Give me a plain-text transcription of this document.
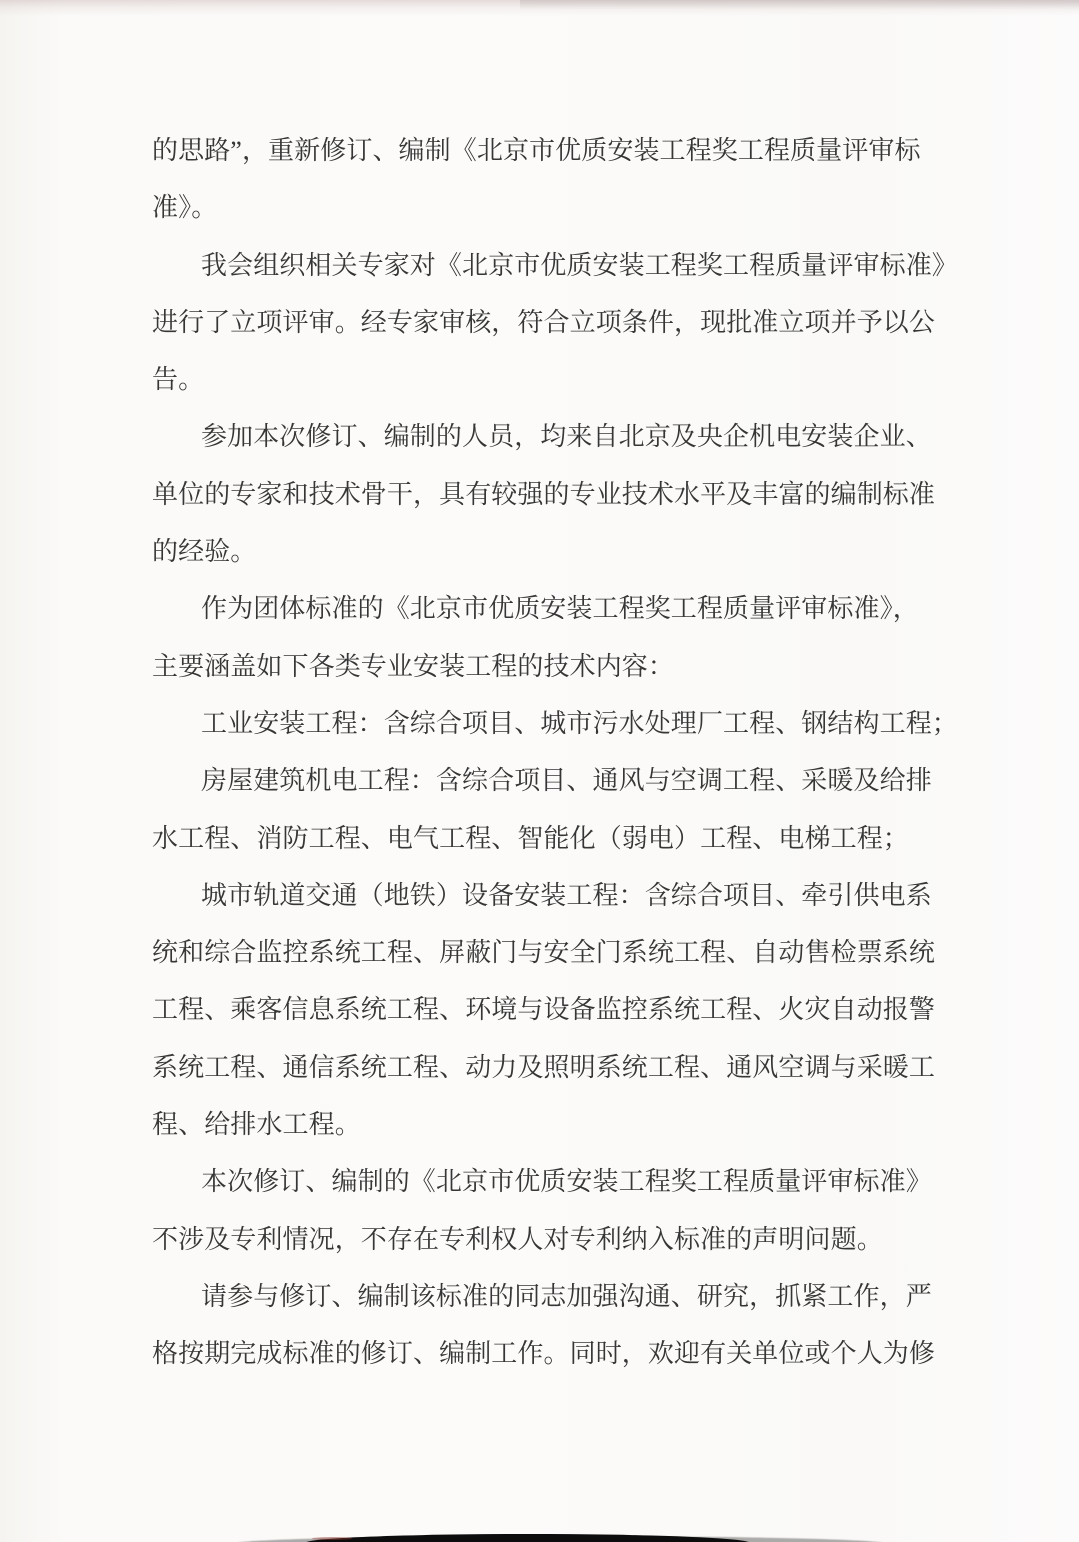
的思路”，重新修订、编制《北京市优质安装工程奖工程质量评审标
准》。
我会组织相关专家对《北京市优质安装工程奖工程质量评审标准》
进行了立项评审。经专家审核，符合立项条件，现批准立项并予以公
告。
参加本次修订、编制的人员，均来自北京及央企机电安装企业、
单位的专家和技术骨干，具有较强的专业技术水平及丰富的编制标准
的经验。
作为团体标准的《北京市优质安装工程奖工程质量评审标准》，
主要涵盖如下各类专业安装工程的技术内容：
工业安装工程：含综合项目、城市污水处理厂工程、钢结构工程；
房屋建筑机电工程：含综合项目、通风与空调工程、采暖及给排
水工程、消防工程、电气工程、智能化（弱电）工程、电梯工程；
城市轨道交通（地铁）设备安装工程：含综合项目、牵引供电系
统和综合监控系统工程、屏蔽门与安全门系统工程、自动售检票系统
工程、乘客信息系统工程、环境与设备监控系统工程、火灾自动报警
系统工程、通信系统工程、动力及照明系统工程、通风空调与采暖工
程、给排水工程。
本次修订、编制的《北京市优质安装工程奖工程质量评审标准》
不涉及专利情况，不存在专利权人对专利纳入标准的声明问题。
请参与修订、编制该标准的同志加强沟通、研究，抓紧工作，严
格按期完成标准的修订、编制工作。同时，欢迎有关单位或个人为修
